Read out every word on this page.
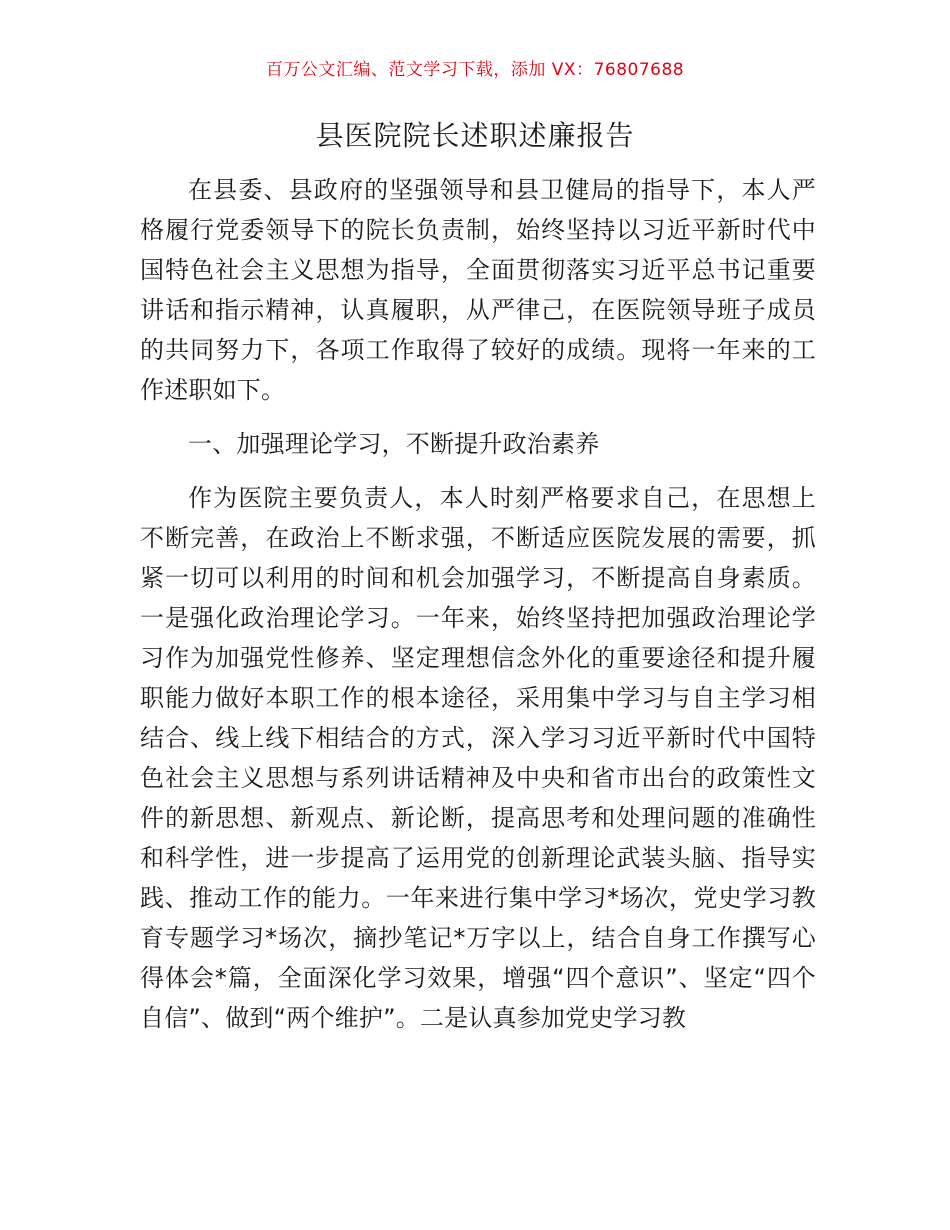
百万公文汇编、范文学习下载，添加 VX：76807688
县医院院长述职述廉报告

在县委、县政府的坚强领导和县卫健局的指导下，本人严格履行党委领导下的院长负责制，始终坚持以习近平新时代中国特色社会主义思想为指导，全面贯彻落实习近平总书记重要讲话和指示精神，认真履职，从严律己，在医院领导班子成员的共同努力下，各项工作取得了较好的成绩。现将一年来的工作述职如下。

一、加强理论学习，不断提升政治素养

作为医院主要负责人，本人时刻严格要求自己，在思想上不断完善，在政治上不断求强，不断适应医院发展的需要，抓紧一切可以利用的时间和机会加强学习，不断提高自身素质。一是强化政治理论学习。一年来，始终坚持把加强政治理论学习作为加强党性修养、坚定理想信念外化的重要途径和提升履职能力做好本职工作的根本途径，采用集中学习与自主学习相结合、线上线下相结合的方式，深入学习习近平新时代中国特色社会主义思想与系列讲话精神及中央和省市出台的政策性文件的新思想、新观点、新论断，提高思考和处理问题的准确性和科学性，进一步提高了运用党的创新理论武装头脑、指导实践、推动工作的能力。一年来进行集中学习*场次，党史学习教育专题学习*场次，摘抄笔记*万字以上，结合自身工作撰写心得体会*篇，全面深化学习效果，增强“四个意识”、坚定“四个自信”、做到“两个维护”。二是认真参加党史学习教
